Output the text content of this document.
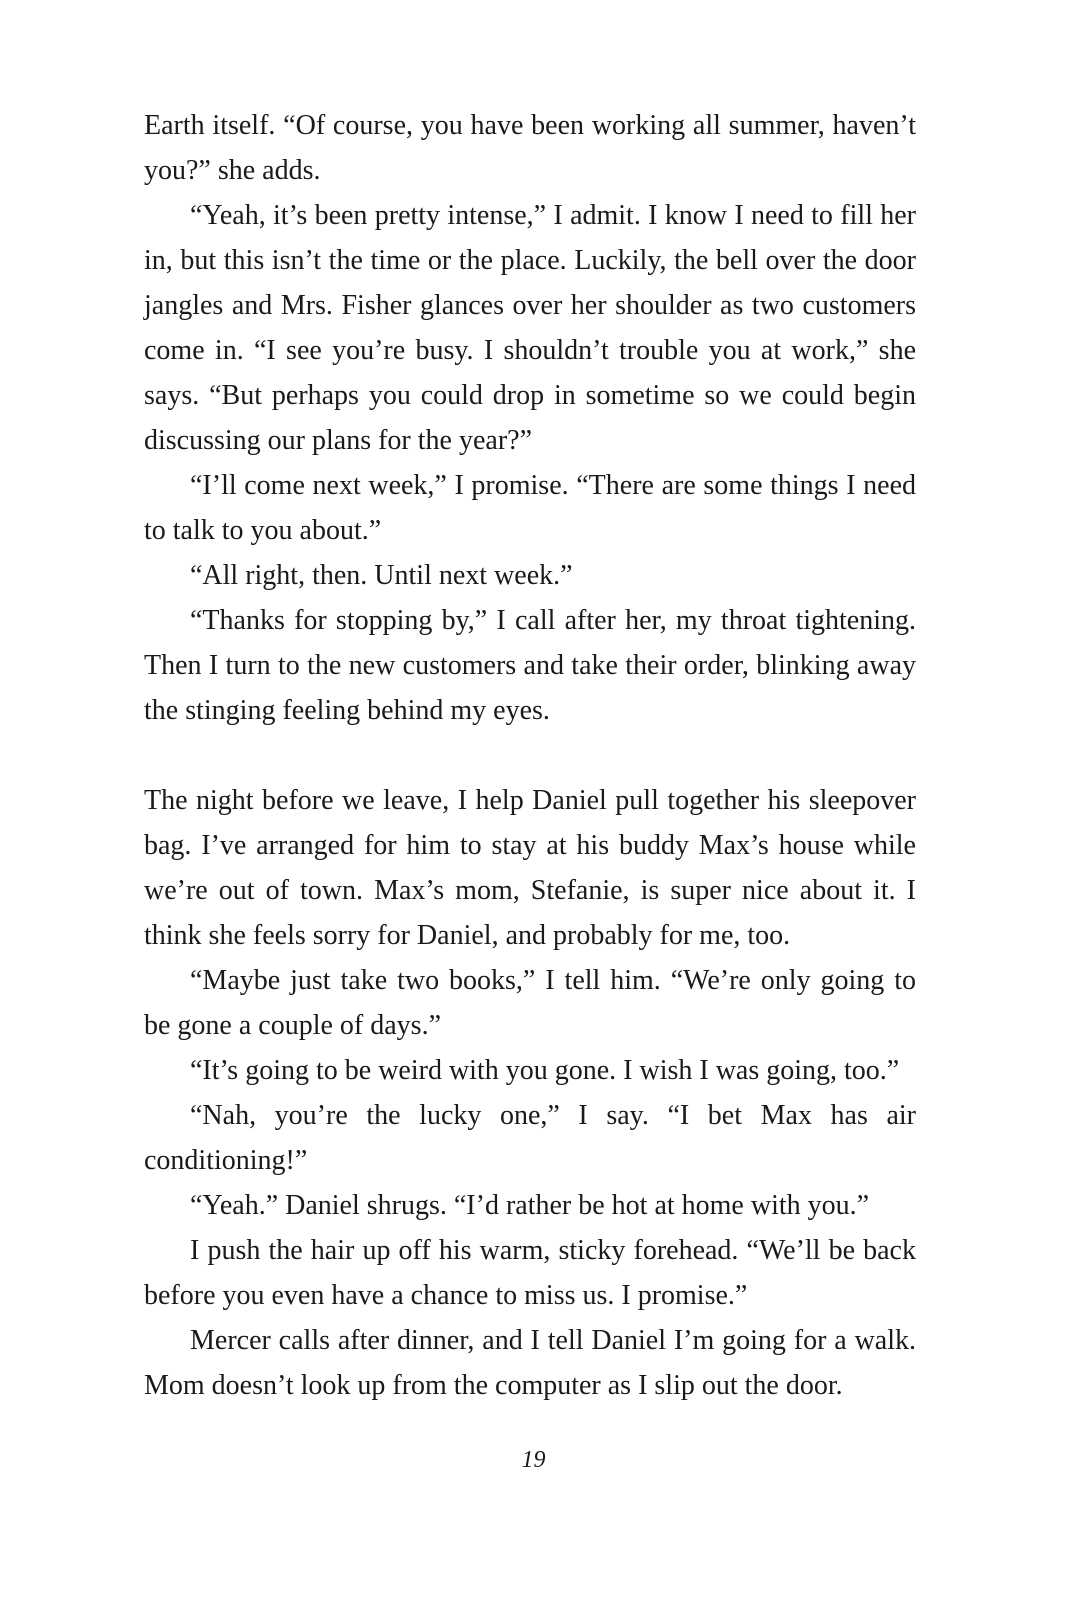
Earth itself. “Of course, you have been working all summer, haven’t you?” she adds.

“Yeah, it’s been pretty intense,” I admit. I know I need to fill her in, but this isn’t the time or the place. Luckily, the bell over the door jangles and Mrs. Fisher glances over her shoulder as two customers come in. “I see you’re busy. I shouldn’t trouble you at work,” she says. “But perhaps you could drop in sometime so we could begin discussing our plans for the year?”

“I’ll come next week,” I promise. “There are some things I need to talk to you about.”

“All right, then. Until next week.”

“Thanks for stopping by,” I call after her, my throat tightening. Then I turn to the new customers and take their order, blinking away the stinging feeling behind my eyes.

The night before we leave, I help Daniel pull together his sleepover bag. I’ve arranged for him to stay at his buddy Max’s house while we’re out of town. Max’s mom, Stefanie, is super nice about it. I think she feels sorry for Daniel, and probably for me, too.

“Maybe just take two books,” I tell him. “We’re only going to be gone a couple of days.”

“It’s going to be weird with you gone. I wish I was going, too.”

“Nah, you’re the lucky one,” I say. “I bet Max has air conditioning!”

“Yeah.” Daniel shrugs. “I’d rather be hot at home with you.”

I push the hair up off his warm, sticky forehead. “We’ll be back before you even have a chance to miss us. I promise.”

Mercer calls after dinner, and I tell Daniel I’m going for a walk. Mom doesn’t look up from the computer as I slip out the door.

19
